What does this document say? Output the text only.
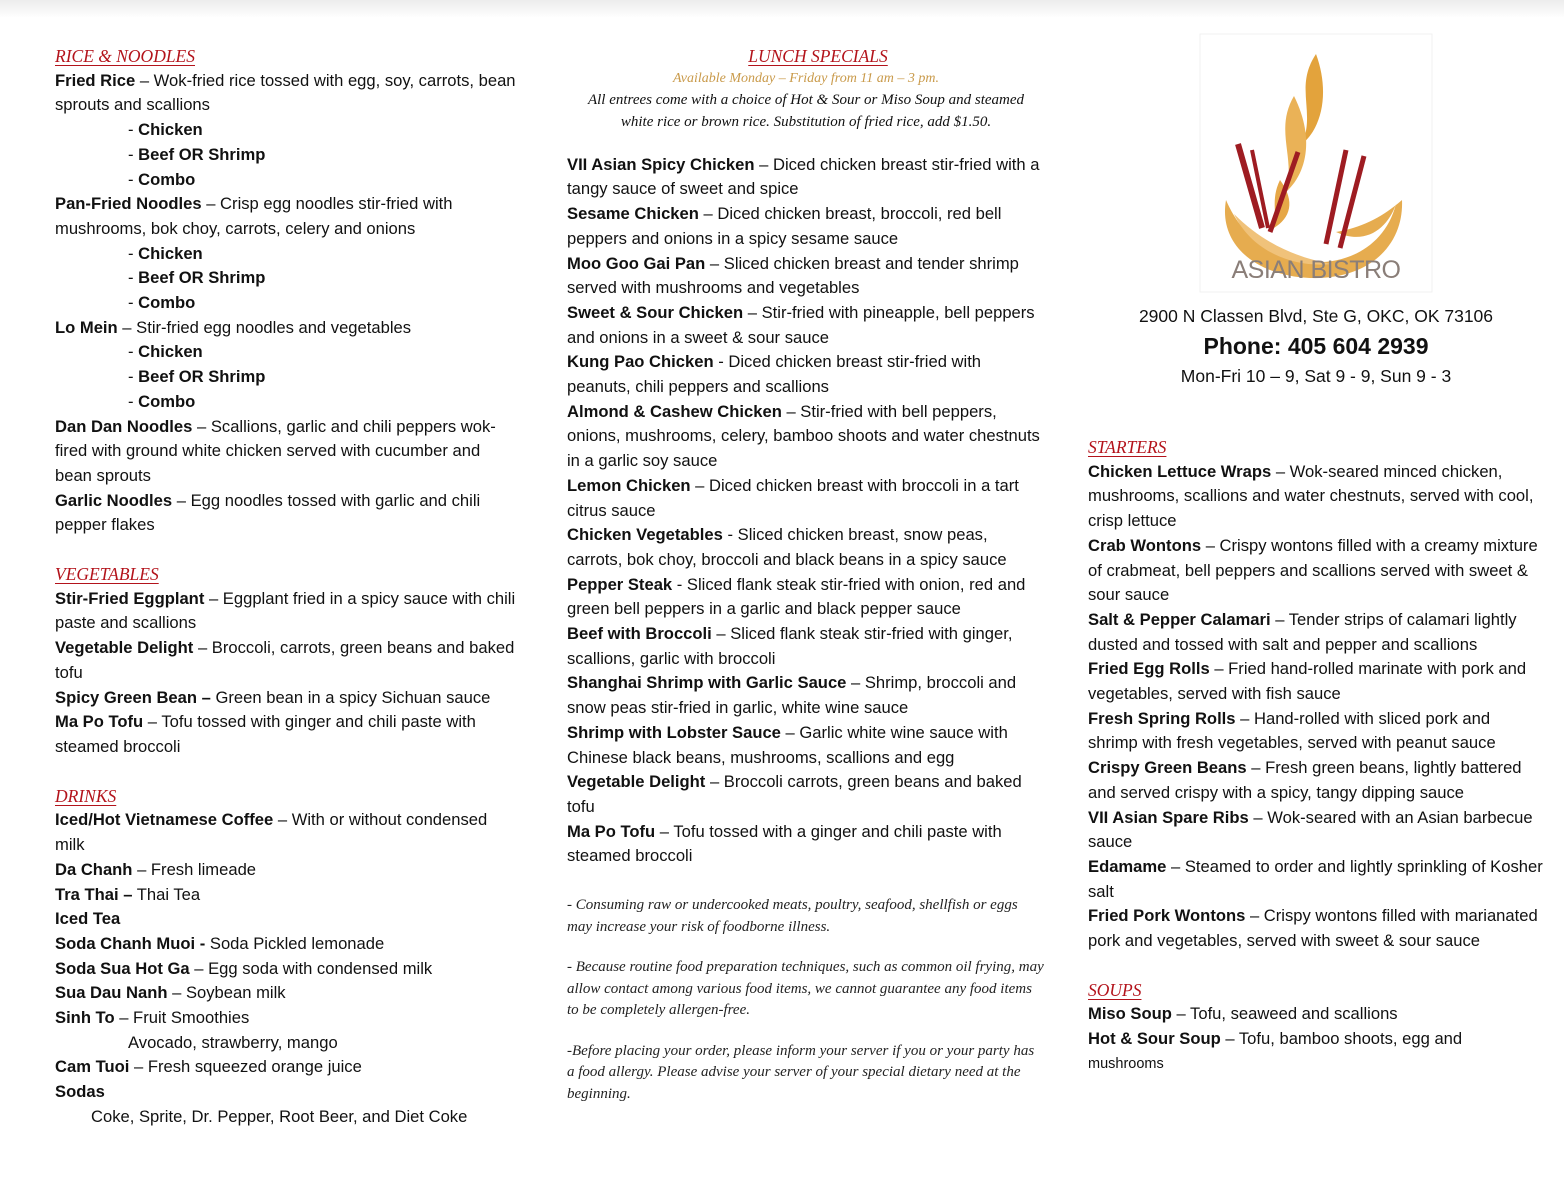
RICE & NOODLES
Fried Rice – Wok-fried rice tossed with egg, soy, carrots, bean sprouts and scallions
- Chicken
- Beef OR Shrimp
- Combo
Pan-Fried Noodles – Crisp egg noodles stir-fried with mushrooms, bok choy, carrots, celery and onions
- Chicken
- Beef OR Shrimp
- Combo
Lo Mein – Stir-fried egg noodles and vegetables
- Chicken
- Beef OR Shrimp
- Combo
Dan Dan Noodles – Scallions, garlic and chili peppers wok-fired with ground white chicken served with cucumber and bean sprouts
Garlic Noodles – Egg noodles tossed with garlic and chili pepper flakes
VEGETABLES
Stir-Fried Eggplant – Eggplant fried in a spicy sauce with chili paste and scallions
Vegetable Delight – Broccoli, carrots, green beans and baked tofu
Spicy Green Bean – Green bean in a spicy Sichuan sauce
Ma Po Tofu – Tofu tossed with ginger and chili paste with steamed broccoli
DRINKS
Iced/Hot Vietnamese Coffee – With or without condensed milk
Da Chanh – Fresh limeade
Tra Thai – Thai Tea
Iced Tea
Soda Chanh Muoi - Soda Pickled lemonade
Soda Sua Hot Ga – Egg soda with condensed milk
Sua Dau Nanh – Soybean milk
Sinh To – Fruit Smoothies
Avocado, strawberry, mango
Cam Tuoi – Fresh squeezed orange juice
Sodas
Coke, Sprite, Dr. Pepper, Root Beer, and Diet Coke
LUNCH SPECIALS
Available Monday – Friday from 11 am – 3 pm.
All entrees come with a choice of Hot & Sour or Miso Soup and steamed white rice or brown rice. Substitution of fried rice, add $1.50.
VII Asian Spicy Chicken – Diced chicken breast stir-fried with a tangy sauce of sweet and spice
Sesame Chicken – Diced chicken breast, broccoli, red bell peppers and onions in a spicy sesame sauce
Moo Goo Gai Pan – Sliced chicken breast and tender shrimp served with mushrooms and vegetables
Sweet & Sour Chicken – Stir-fried with pineapple, bell peppers and onions in a sweet & sour sauce
Kung Pao Chicken - Diced chicken breast stir-fried with peanuts, chili peppers and scallions
Almond & Cashew Chicken – Stir-fried with bell peppers, onions, mushrooms, celery, bamboo shoots and water chestnuts in a garlic soy sauce
Lemon Chicken – Diced chicken breast with broccoli in a tart citrus sauce
Chicken Vegetables - Sliced chicken breast, snow peas, carrots, bok choy, broccoli and black beans in a spicy sauce
Pepper Steak - Sliced flank steak stir-fried with onion, red and green bell peppers in a garlic and black pepper sauce
Beef with Broccoli – Sliced flank steak stir-fried with ginger, scallions, garlic with broccoli
Shanghai Shrimp with Garlic Sauce – Shrimp, broccoli and snow peas stir-fried in garlic, white wine sauce
Shrimp with Lobster Sauce – Garlic white wine sauce with Chinese black beans, mushrooms, scallions and egg
Vegetable Delight – Broccoli carrots, green beans and baked tofu
Ma Po Tofu – Tofu tossed with a ginger and chili paste with steamed broccoli
- Consuming raw or undercooked meats, poultry, seafood, shellfish or eggs may increase your risk of foodborne illness.
- Because routine food preparation techniques, such as common oil frying, may allow contact among various food items, we cannot guarantee any food items to be completely allergen-free.
-Before placing your order, please inform your server if you or your party has a food allergy. Please advise your server of your special dietary need at the beginning.
ASIAN BISTRO
2900 N Classen Blvd, Ste G, OKC, OK 73106
Phone: 405 604 2939
Mon-Fri 10 – 9, Sat 9 - 9, Sun 9 - 3
STARTERS
Chicken Lettuce Wraps – Wok-seared minced chicken, mushrooms, scallions and water chestnuts, served with cool, crisp lettuce
Crab Wontons – Crispy wontons filled with a creamy mixture of crabmeat, bell peppers and scallions served with sweet & sour sauce
Salt & Pepper Calamari – Tender strips of calamari lightly dusted and tossed with salt and pepper and scallions
Fried Egg Rolls – Fried hand-rolled marinate with pork and vegetables, served with fish sauce
Fresh Spring Rolls – Hand-rolled with sliced pork and shrimp with fresh vegetables, served with peanut sauce
Crispy Green Beans – Fresh green beans, lightly battered and served crispy with a spicy, tangy dipping sauce
VII Asian Spare Ribs – Wok-seared with an Asian barbecue sauce
Edamame – Steamed to order and lightly sprinkling of Kosher salt
Fried Pork Wontons – Crispy wontons filled with marianated pork and vegetables, served with sweet & sour sauce
SOUPS
Miso Soup – Tofu, seaweed and scallions
Hot & Sour Soup – Tofu, bamboo shoots, egg and
mushrooms
